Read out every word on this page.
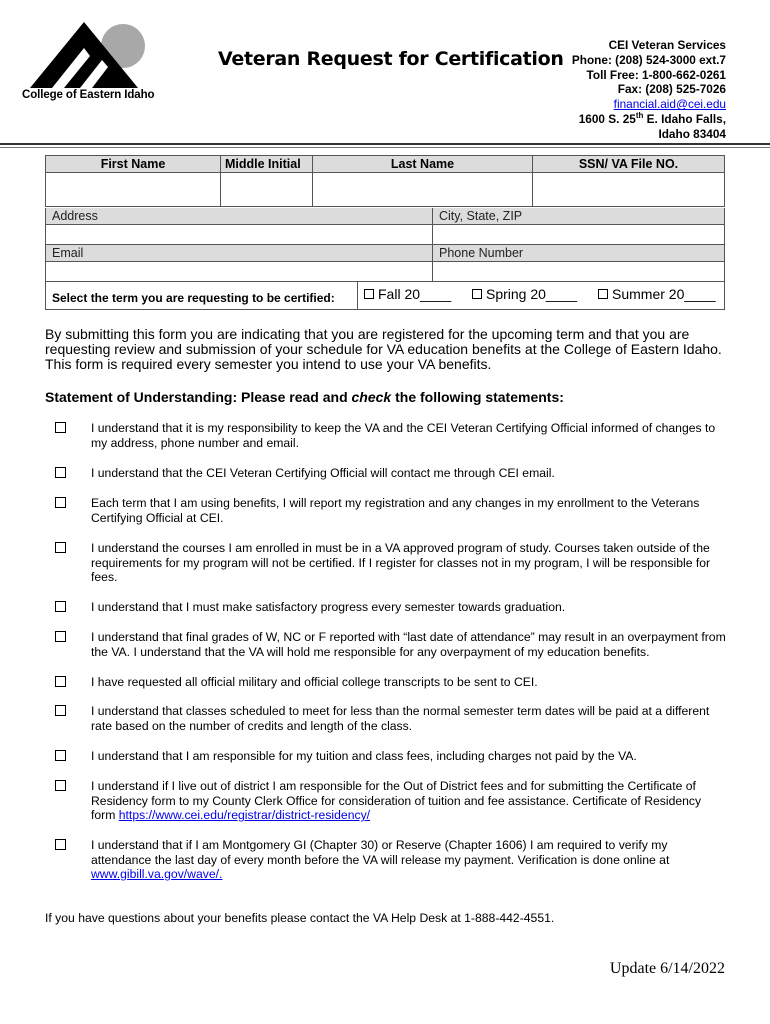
College of Eastern Idaho
Veteran Request for Certification
CEI Veteran Services
Phone: (208) 524-3000 ext.7
Toll Free: 1-800-662-0261
Fax: (208) 525-7026
financial.aid@cei.edu
1600 S. 25th E. Idaho Falls,
Idaho 83404
First Name	Middle Initial	Last Name	SSN/ VA File NO.

Address	City, State, ZIP
Email	Phone Number
Select the term you are requesting to be certified:	Fall 20____ Spring 20____ Summer 20____
By submitting this form you are indicating that you are registered for the upcoming term and that you are requesting review and submission of your schedule for VA education benefits at the College of Eastern Idaho. This form is required every semester you intend to use your VA benefits.
Statement of Understanding: Please read and check the following statements:
I understand that it is my responsibility to keep the VA and the CEI Veteran Certifying Official informed of changes to my address, phone number and email.
I understand that the CEI Veteran Certifying Official will contact me through CEI email.
Each term that I am using benefits, I will report my registration and any changes in my enrollment to the Veterans Certifying Official at CEI.
I understand the courses I am enrolled in must be in a VA approved program of study. Courses taken outside of the requirements for my program will not be certified. If I register for classes not in my program, I will be responsible for fees.
I understand that I must make satisfactory progress every semester towards graduation.
I understand that final grades of W, NC or F reported with “last date of attendance” may result in an overpayment from the VA. I understand that the VA will hold me responsible for any overpayment of my education benefits.
I have requested all official military and official college transcripts to be sent to CEI.
I understand that classes scheduled to meet for less than the normal semester term dates will be paid at a different rate based on the number of credits and length of the class.
I understand that I am responsible for my tuition and class fees, including charges not paid by the VA.
I understand if I live out of district I am responsible for the Out of District fees and for submitting the Certificate of Residency form to my County Clerk Office for consideration of tuition and fee assistance. Certificate of Residency form https://www.cei.edu/registrar/district-residency/
I understand that if I am Montgomery GI (Chapter 30) or Reserve (Chapter 1606) I am required to verify my attendance the last day of every month before the VA will release my payment. Verification is done online at www.gibill.va.gov/wave/.
If you have questions about your benefits please contact the VA Help Desk at 1-888-442-4551.
Update 6/14/2022
